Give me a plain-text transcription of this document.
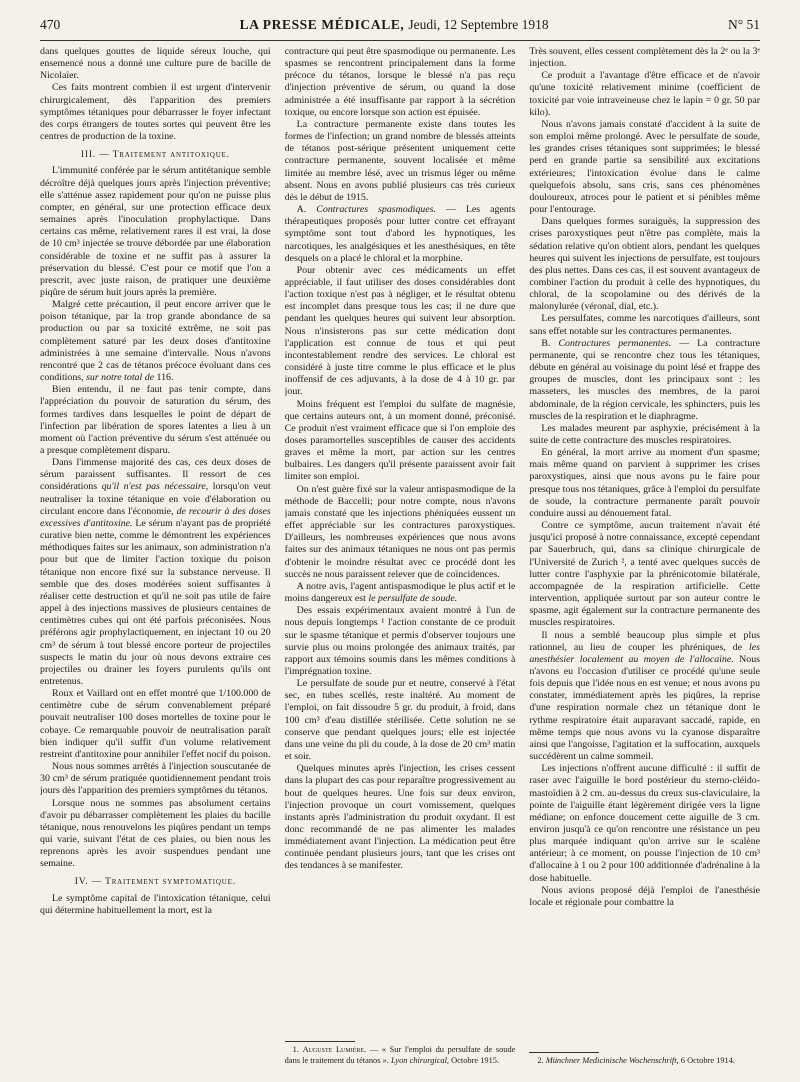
470	LA PRESSE MÉDICALE, Jeudi, 12 Septembre 1918	N° 51

dans quelques gouttes de liquide séreux louche, qui ensemencé nous a donné une culture pure de bacille de Nicolaïer.

Ces faits montrent combien il est urgent d'intervenir chirurgicalement, dès l'apparition des premiers symptômes tétaniques pour débarrasser le foyer infectant des corps étrangers de toutes sortes qui peuvent être les centres de production de la toxine.

III. — Traitement antitoxique.

L'immunité conférée par le sérum antitétanique semble décroître déjà quelques jours après l'injection préventive; elle s'atténue assez rapidement pour qu'on ne puisse plus compter, en général, sur une protection efficace deux semaines après l'inoculation prophylactique. Dans certains cas même, relativement rares il est vrai, la dose de 10 cm³ injectée se trouve débordée par une élaboration considérable de toxine et ne suffit pas à assurer la préservation du blessé. C'est pour ce motif que l'on a prescrit, avec juste raison, de pratiquer une deuxième piqûre de sérum huit jours après la première.

Malgré cette précaution, il peut encore arriver que le poison tétanique, par la trop grande abondance de sa production ou par sa toxicité extrême, ne soit pas complètement saturé par les deux doses d'antitoxine administrées à une semaine d'intervalle. Nous n'avons rencontré que 2 cas de tétanos précoce évoluant dans ces conditions, sur notre total de 116.

Bien entendu, il ne faut pas tenir compte, dans l'appréciation du pouvoir de saturation du sérum, des formes tardives dans lesquelles le point de départ de l'infection par libération de spores latentes a lieu à un moment où l'action préventive du sérum s'est atténuée ou a presque complètement disparu.

Dans l'immense majorité des cas, ces deux doses de sérum paraissent suffisantes. Il ressort de ces considérations qu'il n'est pas nécessaire, lorsqu'on veut neutraliser la toxine tétanique en voie d'élaboration ou circulant encore dans l'économie, de recourir à des doses excessives d'antitoxine. Le sérum n'ayant pas de propriété curative bien nette, comme le démontrent les expériences méthodiques faites sur les animaux, son administration n'a pour but que de limiter l'action toxique du poison tétanique non encore fixé sur la substance nerveuse. Il semble que des doses modérées soient suffisantes à réaliser cette destruction et qu'il ne soit pas utile de faire appel à des injections massives de plusieurs centaines de centimètres cubes qui ont été parfois préconisées. Nous préférons agir prophylactiquement, en injectant 10 ou 20 cm³ de sérum à tout blessé encore porteur de projectiles suspects le matin du jour où nous devons extraire ces projectiles ou drainer les foyers purulents qu'ils ont entretenus.

Roux et Vaillard ont en effet montré que 1/100.000 de centimètre cube de sérum convenablement préparé pouvait neutraliser 100 doses mortelles de toxine pour le cobaye. Ce remarquable pouvoir de neutralisation paraît bien indiquer qu'il suffit d'un volume relativement restreint d'antitoxine pour annihiler l'effet nocif du poison.

Nous nous sommes arrêtés à l'injection souscutanée de 30 cm³ de sérum pratiquée quotidiennement pendant trois jours dès l'apparition des premiers symptômes du tétanos.

Lorsque nous ne sommes pas absolument certains d'avoir pu débarrasser complètement les plaies du bacille tétanique, nous renouvelons les piqûres pendant un temps qui varie, suivant l'état de ces plaies, ou bien nous les reprenons après les avoir suspendues pendant une semaine.

IV. — Traitement symptomatique.

Le symptôme capital de l'intoxication tétanique, celui qui détermine habituellement la mort, est la

contracture qui peut être spasmodique ou permanente. Les spasmes se rencontrent principalement dans la forme précoce du tétanos, lorsque le blessé n'a pas reçu d'injection préventive de sérum, ou quand la dose administrée a été insuffisante par rapport à la sécrétion toxique, ou encore lorsque son action est épuisée.

La contracture permanente existe dans toutes les formes de l'infection; un grand nombre de blessés atteints de tétanos post-sérique présentent uniquement cette contracture permanente, souvent localisée et même limitée au membre lésé, avec un trismus léger ou même absent. Nous en avons publié plusieurs cas très curieux dès le début de 1915.

A. Contractures spasmodiques. — Les agents thérapeutiques proposés pour lutter contre cet effrayant symptôme sont tout d'abord les hypnotiques, les narcotiques, les analgésiques et les anesthésiques, en tête desquels on a placé le chloral et la morphine.

Pour obtenir avec ces médicaments un effet appréciable, il faut utiliser des doses considérables dont l'action toxique n'est pas à négliger, et le résultat obtenu est incomplet dans presque tous les cas; il ne dure que pendant les quelques heures qui suivent leur absorption. Nous n'insisterons pas sur cette médication dont l'application est connue de tous et qui peut incontestablement rendre des services. Le chloral est considéré à juste titre comme le plus efficace et le plus inoffensif de ces adjuvants, à la dose de 4 à 10 gr. par jour.

Moins fréquent est l'emploi du sulfate de magnésie, que certains auteurs ont, à un moment donné, préconisé. Ce produit n'est vraiment efficace que si l'on emploie des doses paramortelles susceptibles de causer des accidents graves et même la mort, par action sur les centres bulbaires. Les dangers qu'il présente paraissent avoir fait limiter son emploi.

On n'est guère fixé sur la valeur antispasmodique de la méthode de Baccelli; pour notre compte, nous n'avons jamais constaté que les injections phéniquées eussent un effet appréciable sur les contractures paroxystiques. D'ailleurs, les nombreuses expériences que nous avons faites sur des animaux tétaniques ne nous ont pas permis d'obtenir le moindre résultat avec ce procédé dont les succès ne nous paraissent relever que de coïncidences.

A notre avis, l'agent antispasmodique le plus actif et le moins dangereux est le persulfate de soude.

Des essais expérimentaux avaient montré à l'un de nous depuis longtemps ¹ l'action constante de ce produit sur le spasme tétanique et permis d'observer toujours une survie plus ou moins prolongée des animaux traités, par rapport aux témoins soumis dans les mêmes conditions à l'imprégnation toxine.

Le persulfate de soude pur et neutre, conservé à l'état sec, en tubes scellés, reste inaltéré. Au moment de l'emploi, on fait dissoudre 5 gr. du produit, à froid, dans 100 cm³ d'eau distillée stérilisée. Cette solution ne se conserve que pendant quelques jours; elle est injectée dans une veine du pli du coude, à la dose de 20 cm³ matin et soir.

Quelques minutes après l'injection, les crises cessent dans la plupart des cas pour reparaître progressivement au bout de quelques heures. Une fois sur deux environ, l'injection provoque un court vomissement, quelques instants après l'administration du produit oxydant. Il est donc recommandé de ne pas alimenter les malades immédiatement avant l'injection. La médication peut être continuée pendant plusieurs jours, tant que les crises ont des tendances à se manifester.

1. Auguste Lumière. — « Sur l'emploi du persulfate de soude dans le traitement du tétanos ». Lyon chirurgical, Octobre 1915.

Très souvent, elles cessent complètement dès la 2ᵉ ou la 3ᵉ injection.

Ce produit a l'avantage d'être efficace et de n'avoir qu'une toxicité relativement minime (coefficient de toxicité par voie intraveineuse chez le lapin = 0 gr. 50 par kilo).

Nous n'avons jamais constaté d'accident à la suite de son emploi même prolongé. Avec le persulfate de soude, les grandes crises tétaniques sont supprimées; le blessé perd en grande partie sa sensibilité aux excitations extérieures; l'intoxication évolue dans le calme quelquefois absolu, sans cris, sans ces phénomènes douloureux, atroces pour le patient et si pénibles même pour l'entourage.

Dans quelques formes suraiguës, la suppression des crises paroxystiques peut n'être pas complète, mais la sédation relative qu'on obtient alors, pendant les quelques heures qui suivent les injections de persulfate, est toujours des plus nettes. Dans ces cas, il est souvent avantageux de combiner l'action du produit à celle des hypnotiques, du chloral, de la scopolamine ou des dérivés de la malonylurée (véronal, dial, etc.).

Les persulfates, comme les narcotiques d'ailleurs, sont sans effet notable sur les contractures permanentes.

B. Contractures permanentes. — La contracture permanente, qui se rencontre chez tous les tétaniques, débute en général au voisinage du point lésé et frappe des groupes de muscles, dont les principaux sont : les masseters, les muscles des membres, de la paroi abdominale, de la région cervicale, les sphincters, puis les muscles de la respiration et le diaphragme.

Les malades meurent par asphyxie, précisément à la suite de cette contracture des muscles respiratoires.

En général, la mort arrive au moment d'un spasme; mais même quand on parvient à supprimer les crises paroxystiques, ainsi que nous avons pu le faire pour presque tous nos tétaniques, grâce à l'emploi du persulfate de soude, la contracture permanente paraît pouvoir conduire aussi au dénouement fatal.

Contre ce symptôme, aucun traitement n'avait été jusqu'ici proposé à notre connaissance, excepté cependant par Sauerbruch, qui, dans sa clinique chirurgicale de l'Université de Zurich ², a tenté avec quelques succès de lutter contre l'asphyxie par la phrénicotomie bilatérale, accompagnée de la respiration artificielle. Cette intervention, appliquée surtout par son auteur contre le spasme, agit également sur la contracture permanente des muscles respiratoires.

Il nous a semblé beaucoup plus simple et plus rationnel, au lieu de couper les phréniques, de les anesthésier localement au moyen de l'allocaïne. Nous n'avons eu l'occasion d'utiliser ce procédé qu'une seule fois depuis que l'idée nous en est venue; et nous avons pu constater, immédiatement après les piqûres, la reprise d'une respiration normale chez un tétanique dont le rythme respiratoire était auparavant saccadé, rapide, en même temps que nous avons vu la cyanose disparaître ainsi que l'angoisse, l'agitation et la suffocation, auxquels succédèrent un calme sommeil.

Les injections n'offrent aucune difficulté : il suffit de raser avec l'aiguille le bord postérieur du sterno-cléido-mastoïdien à 2 cm. au-dessus du creux sus-claviculaire, la pointe de l'aiguille étant légèrement dirigée vers la ligne médiane; on enfonce doucement cette aiguille de 3 cm. environ jusqu'à ce qu'on rencontre une résistance un peu plus marquée indiquant qu'on arrive sur le scalène antérieur; à ce moment, on pousse l'injection de 10 cm³ d'allocaïne à 1 ou 2 pour 100 additionnée d'adrénaline à la dose habituelle.

Nous avions proposé déjà l'emploi de l'anesthésie locale et régionale pour combattre la

2. Münchner Medicinische Wochenschrift, 6 Octobre 1914.
